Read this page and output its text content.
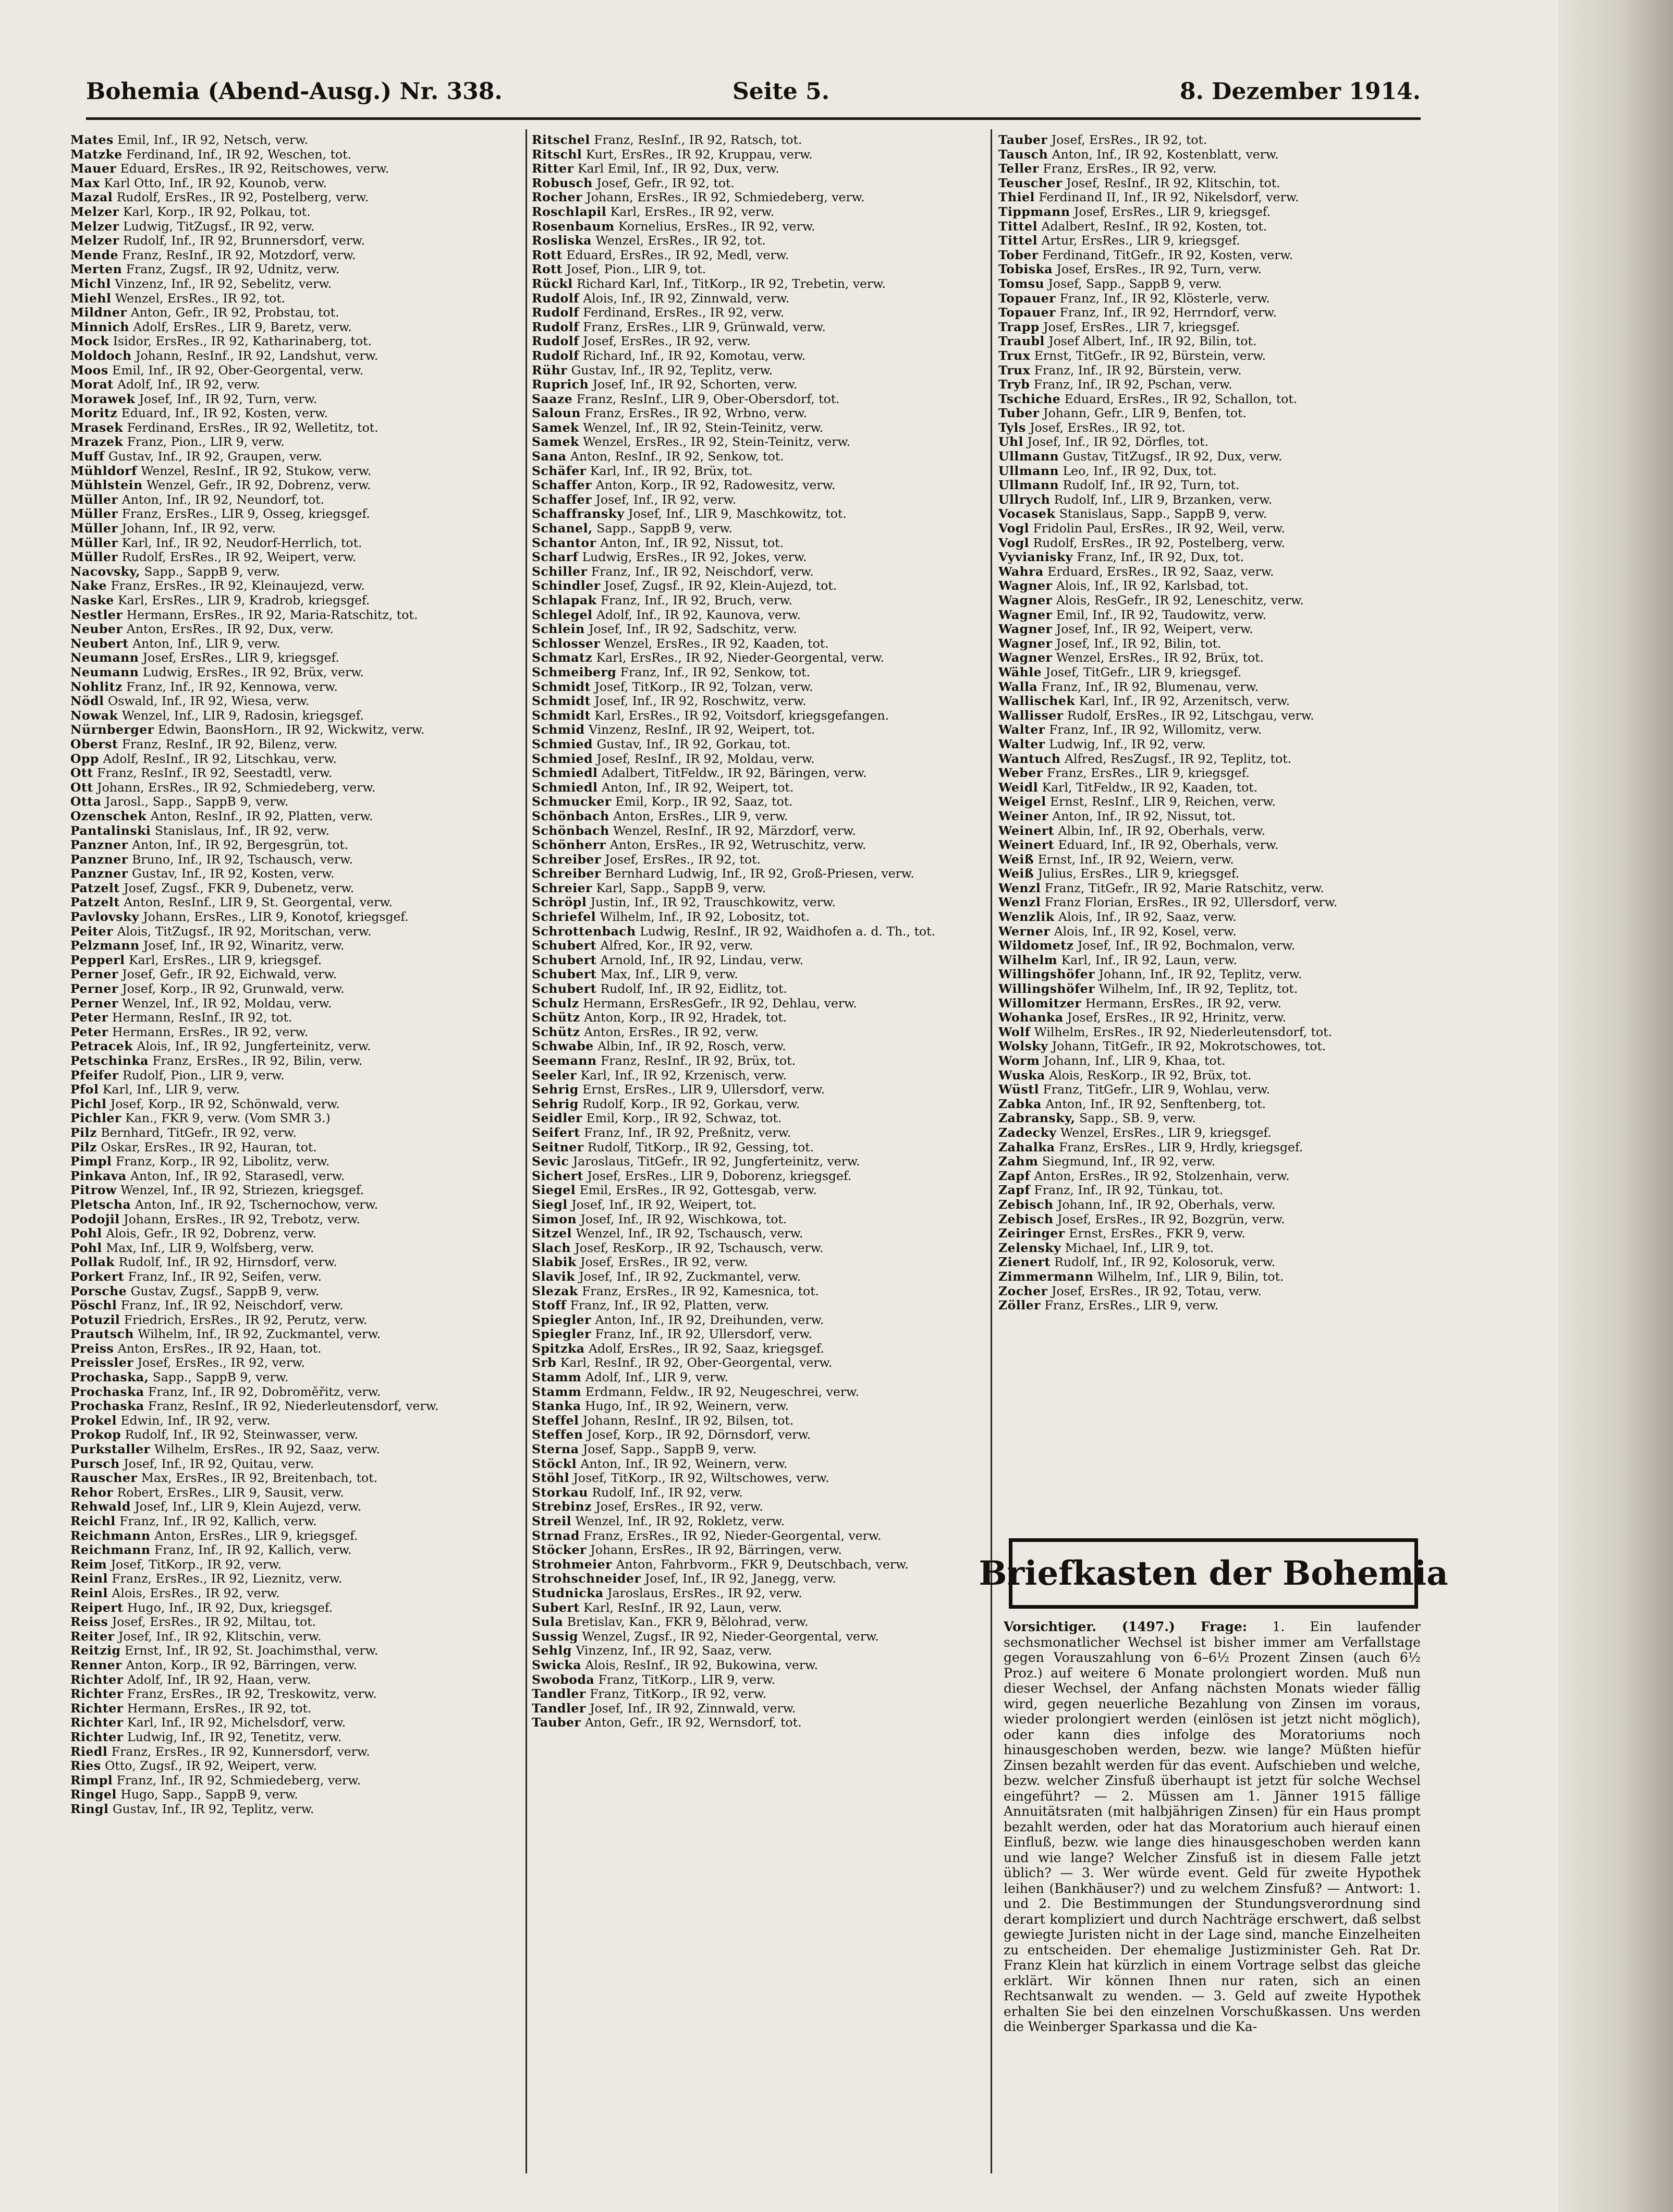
Bohemia (Abend-Ausg.) Nr. 338.	Seite 5.	8. Dezember 1914.

Mates Emil, Inf., IR 92, Netsch, verw.

Matzke Ferdinand, Inf., IR 92, Weschen, tot.

Mauer Eduard, ErsRes., IR 92, Reitschowes, verw.

Max Karl Otto, Inf., IR 92, Kounob, verw.

Mazal Rudolf, ErsRes., IR 92, Postelberg, verw.

Melzer Karl, Korp., IR 92, Polkau, tot.

Melzer Ludwig, TitZugsf., IR 92, verw.

Melzer Rudolf, Inf., IR 92, Brunnersdorf, verw.

Mende Franz, ResInf., IR 92, Motzdorf, verw.

Merten Franz, Zugsf., IR 92, Udnitz, verw.

Michl Vinzenz, Inf., IR 92, Sebelitz, verw.

Miehl Wenzel, ErsRes., IR 92, tot.

Mildner Anton, Gefr., IR 92, Probstau, tot.

Minnich Adolf, ErsRes., LIR 9, Baretz, verw.

Mock Isidor, ErsRes., IR 92, Katharinaberg, tot.

Moldoch Johann, ResInf., IR 92, Landshut, verw.

Moos Emil, Inf., IR 92, Ober-Georgental, verw.

Morat Adolf, Inf., IR 92, verw.

Morawek Josef, Inf., IR 92, Turn, verw.

Moritz Eduard, Inf., IR 92, Kosten, verw.

Mrasek Ferdinand, ErsRes., IR 92, Welletitz, tot.

Mrazek Franz, Pion., LIR 9, verw.

Muff Gustav, Inf., IR 92, Graupen, verw.

Mühldorf Wenzel, ResInf., IR 92, Stukow, verw.

Mühlstein Wenzel, Gefr., IR 92, Dobrenz, verw.

Müller Anton, Inf., IR 92, Neundorf, tot.

Müller Franz, ErsRes., LIR 9, Osseg, kriegsgef.

Müller Johann, Inf., IR 92, verw.

Müller Karl, Inf., IR 92, Neudorf-Herrlich, tot.

Müller Rudolf, ErsRes., IR 92, Weipert, verw.

Nacovsky, Sapp., SappB 9, verw.

Nake Franz, ErsRes., IR 92, Kleinaujezd, verw.

Naske Karl, ErsRes., LIR 9, Kradrob, kriegsgef.

Nestler Hermann, ErsRes., IR 92, Maria-Ratschitz, tot.

Neuber Anton, ErsRes., IR 92, Dux, verw.

Neubert Anton, Inf., LIR 9, verw.

Neumann Josef, ErsRes., LIR 9, kriegsgef.

Neumann Ludwig, ErsRes., IR 92, Brüx, verw.

Nohlitz Franz, Inf., IR 92, Kennowa, verw.

Nödl Oswald, Inf., IR 92, Wiesa, verw.

Nowak Wenzel, Inf., LIR 9, Radosin, kriegsgef.

Nürnberger Edwin, BaonsHorn., IR 92, Wickwitz, verw.

Oberst Franz, ResInf., IR 92, Bilenz, verw.

Opp Adolf, ResInf., IR 92, Litschkau, verw.

Ott Franz, ResInf., IR 92, Seestadtl, verw.

Ott Johann, ErsRes., IR 92, Schmiedeberg, verw.

Otta Jarosl., Sapp., SappB 9, verw.

Ozenschek Anton, ResInf., IR 92, Platten, verw.

Pantalinski Stanislaus, Inf., IR 92, verw.

Panzner Anton, Inf., IR 92, Bergesgrün, tot.

Panzner Bruno, Inf., IR 92, Tschausch, verw.

Panzner Gustav, Inf., IR 92, Kosten, verw.

Patzelt Josef, Zugsf., FKR 9, Dubenetz, verw.

Patzelt Anton, ResInf., LIR 9, St. Georgental, verw.

Pavlovsky Johann, ErsRes., LIR 9, Konotof, kriegsgef.

Peiter Alois, TitZugsf., IR 92, Moritschan, verw.

Pelzmann Josef, Inf., IR 92, Winaritz, verw.

Pepperl Karl, ErsRes., LIR 9, kriegsgef.

Perner Josef, Gefr., IR 92, Eichwald, verw.

Perner Josef, Korp., IR 92, Grunwald, verw.

Perner Wenzel, Inf., IR 92, Moldau, verw.

Peter Hermann, ResInf., IR 92, tot.

Peter Hermann, ErsRes., IR 92, verw.

Petracek Alois, Inf., IR 92, Jungferteinitz, verw.

Petschinka Franz, ErsRes., IR 92, Bilin, verw.

Pfeifer Rudolf, Pion., LIR 9, verw.

Pfol Karl, Inf., LIR 9, verw.

Pichl Josef, Korp., IR 92, Schönwald, verw.

Pichler Kan., FKR 9, verw. (Vom SMR 3.)

Pilz Bernhard, TitGefr., IR 92, verw.

Pilz Oskar, ErsRes., IR 92, Hauran, tot.

Pimpl Franz, Korp., IR 92, Libolitz, verw.

Pinkava Anton, Inf., IR 92, Starasedl, verw.

Pitrow Wenzel, Inf., IR 92, Striezen, kriegsgef.

Pletscha Anton, Inf., IR 92, Tschernochow, verw.

Podojil Johann, ErsRes., IR 92, Trebotz, verw.

Pohl Alois, Gefr., IR 92, Dobrenz, verw.

Pohl Max, Inf., LIR 9, Wolfsberg, verw.

Pollak Rudolf, Inf., IR 92, Hirnsdorf, verw.

Porkert Franz, Inf., IR 92, Seifen, verw.

Porsche Gustav, Zugsf., SappB 9, verw.

Pöschl Franz, Inf., IR 92, Neischdorf, verw.

Potuzil Friedrich, ErsRes., IR 92, Perutz, verw.

Prautsch Wilhelm, Inf., IR 92, Zuckmantel, verw.

Preiss Anton, ErsRes., IR 92, Haan, tot.

Preissler Josef, ErsRes., IR 92, verw.

Prochaska, Sapp., SappB 9, verw.

Prochaska Franz, Inf., IR 92, Dobroměřitz, verw.

Prochaska Franz, ResInf., IR 92, Niederleutensdorf, verw.

Prokel Edwin, Inf., IR 92, verw.

Prokop Rudolf, Inf., IR 92, Steinwasser, verw.

Purkstaller Wilhelm, ErsRes., IR 92, Saaz, verw.

Pursch Josef, Inf., IR 92, Quitau, verw.

Rauscher Max, ErsRes., IR 92, Breitenbach, tot.

Rehor Robert, ErsRes., LIR 9, Sausit, verw.

Rehwald Josef, Inf., LIR 9, Klein Aujezd, verw.

Reichl Franz, Inf., IR 92, Kallich, verw.

Reichmann Anton, ErsRes., LIR 9, kriegsgef.

Reichmann Franz, Inf., IR 92, Kallich, verw.

Reim Josef, TitKorp., IR 92, verw.

Reinl Franz, ErsRes., IR 92, Lieznitz, verw.

Reinl Alois, ErsRes., IR 92, verw.

Reipert Hugo, Inf., IR 92, Dux, kriegsgef.

Reiss Josef, ErsRes., IR 92, Miltau, tot.

Reiter Josef, Inf., IR 92, Klitschin, verw.

Reitzig Ernst, Inf., IR 92, St. Joachimsthal, verw.

Renner Anton, Korp., IR 92, Bärringen, verw.

Richter Adolf, Inf., IR 92, Haan, verw.

Richter Franz, ErsRes., IR 92, Treskowitz, verw.

Richter Hermann, ErsRes., IR 92, tot.

Richter Karl, Inf., IR 92, Michelsdorf, verw.

Richter Ludwig, Inf., IR 92, Tenetitz, verw.

Riedl Franz, ErsRes., IR 92, Kunnersdorf, verw.

Ries Otto, Zugsf., IR 92, Weipert, verw.

Rimpl Franz, Inf., IR 92, Schmiedeberg, verw.

Ringel Hugo, Sapp., SappB 9, verw.

Ringl Gustav, Inf., IR 92, Teplitz, verw.

Ritschel Franz, ResInf., IR 92, Ratsch, tot.

Ritschl Kurt, ErsRes., IR 92, Kruppau, verw.

Ritter Karl Emil, Inf., IR 92, Dux, verw.

Robusch Josef, Gefr., IR 92, tot.

Rocher Johann, ErsRes., IR 92, Schmiedeberg, verw.

Roschlapil Karl, ErsRes., IR 92, verw.

Rosenbaum Kornelius, ErsRes., IR 92, verw.

Rosliska Wenzel, ErsRes., IR 92, tot.

Rott Eduard, ErsRes., IR 92, Medl, verw.

Rott Josef, Pion., LIR 9, tot.

Rückl Richard Karl, Inf., TitKorp., IR 92, Trebetin, verw.

Rudolf Alois, Inf., IR 92, Zinnwald, verw.

Rudolf Ferdinand, ErsRes., IR 92, verw.

Rudolf Franz, ErsRes., LIR 9, Grünwald, verw.

Rudolf Josef, ErsRes., IR 92, verw.

Rudolf Richard, Inf., IR 92, Komotau, verw.

Rühr Gustav, Inf., IR 92, Teplitz, verw.

Ruprich Josef, Inf., IR 92, Schorten, verw.

Saaze Franz, ResInf., LIR 9, Ober-Obersdorf, tot.

Saloun Franz, ErsRes., IR 92, Wrbno, verw.

Samek Wenzel, Inf., IR 92, Stein-Teinitz, verw.

Samek Wenzel, ErsRes., IR 92, Stein-Teinitz, verw.

Sana Anton, ResInf., IR 92, Senkow, tot.

Schäfer Karl, Inf., IR 92, Brüx, tot.

Schaffer Anton, Korp., IR 92, Radowesitz, verw.

Schaffer Josef, Inf., IR 92, verw.

Schaffransky Josef, Inf., LIR 9, Maschkowitz, tot.

Schanel, Sapp., SappB 9, verw.

Schantor Anton, Inf., IR 92, Nissut, tot.

Scharf Ludwig, ErsRes., IR 92, Jokes, verw.

Schiller Franz, Inf., IR 92, Neischdorf, verw.

Schindler Josef, Zugsf., IR 92, Klein-Aujezd, tot.

Schlapak Franz, Inf., IR 92, Bruch, verw.

Schlegel Adolf, Inf., IR 92, Kaunova, verw.

Schlein Josef, Inf., IR 92, Sadschitz, verw.

Schlosser Wenzel, ErsRes., IR 92, Kaaden, tot.

Schmatz Karl, ErsRes., IR 92, Nieder-Georgental, verw.

Schmeiberg Franz, Inf., IR 92, Senkow, tot.

Schmidt Josef, TitKorp., IR 92, Tolzan, verw.

Schmidt Josef, Inf., IR 92, Roschwitz, verw.

Schmidt Karl, ErsRes., IR 92, Voitsdorf, kriegsgefangen.

Schmid Vinzenz, ResInf., IR 92, Weipert, tot.

Schmied Gustav, Inf., IR 92, Gorkau, tot.

Schmied Josef, ResInf., IR 92, Moldau, verw.

Schmiedl Adalbert, TitFeldw., IR 92, Bäringen, verw.

Schmiedl Anton, Inf., IR 92, Weipert, tot.

Schmucker Emil, Korp., IR 92, Saaz, tot.

Schönbach Anton, ErsRes., LIR 9, verw.

Schönbach Wenzel, ResInf., IR 92, Märzdorf, verw.

Schönherr Anton, ErsRes., IR 92, Wetruschitz, verw.

Schreiber Josef, ErsRes., IR 92, tot.

Schreiber Bernhard Ludwig, Inf., IR 92, Groß-Priesen, verw.

Schreier Karl, Sapp., SappB 9, verw.

Schröpl Justin, Inf., IR 92, Trauschkowitz, verw.

Schriefel Wilhelm, Inf., IR 92, Lobositz, tot.

Schrottenbach Ludwig, ResInf., IR 92, Waidhofen a. d. Th., tot.

Schubert Alfred, Kor., IR 92, verw.

Schubert Arnold, Inf., IR 92, Lindau, verw.

Schubert Max, Inf., LIR 9, verw.

Schubert Rudolf, Inf., IR 92, Eidlitz, tot.

Schulz Hermann, ErsResGefr., IR 92, Dehlau, verw.

Schütz Anton, Korp., IR 92, Hradek, tot.

Schütz Anton, ErsRes., IR 92, verw.

Schwabe Albin, Inf., IR 92, Rosch, verw.

Seemann Franz, ResInf., IR 92, Brüx, tot.

Seeler Karl, Inf., IR 92, Krzenisch, verw.

Sehrig Ernst, ErsRes., LIR 9, Ullersdorf, verw.

Sehrig Rudolf, Korp., IR 92, Gorkau, verw.

Seidler Emil, Korp., IR 92, Schwaz, tot.

Seifert Franz, Inf., IR 92, Preßnitz, verw.

Seitner Rudolf, TitKorp., IR 92, Gessing, tot.

Sevic Jaroslaus, TitGefr., IR 92, Jungferteinitz, verw.

Sichert Josef, ErsRes., LIR 9, Doborenz, kriegsgef.

Siegel Emil, ErsRes., IR 92, Gottesgab, verw.

Siegl Josef, Inf., IR 92, Weipert, tot.

Simon Josef, Inf., IR 92, Wischkowa, tot.

Sitzel Wenzel, Inf., IR 92, Tschausch, verw.

Slach Josef, ResKorp., IR 92, Tschausch, verw.

Slabik Josef, ErsRes., IR 92, verw.

Slavik Josef, Inf., IR 92, Zuckmantel, verw.

Slezak Franz, ErsRes., IR 92, Kamesnica, tot.

Stoff Franz, Inf., IR 92, Platten, verw.

Spiegler Anton, Inf., IR 92, Dreihunden, verw.

Spiegler Franz, Inf., IR 92, Ullersdorf, verw.

Spitzka Adolf, ErsRes., IR 92, Saaz, kriegsgef.

Srb Karl, ResInf., IR 92, Ober-Georgental, verw.

Stamm Adolf, Inf., LIR 9, verw.

Stamm Erdmann, Feldw., IR 92, Neugeschrei, verw.

Stanka Hugo, Inf., IR 92, Weinern, verw.

Steffel Johann, ResInf., IR 92, Bilsen, tot.

Steffen Josef, Korp., IR 92, Dörnsdorf, verw.

Sterna Josef, Sapp., SappB 9, verw.

Stöckl Anton, Inf., IR 92, Weinern, verw.

Stöhl Josef, TitKorp., IR 92, Wiltschowes, verw.

Storkau Rudolf, Inf., IR 92, verw.

Strebinz Josef, ErsRes., IR 92, verw.

Streil Wenzel, Inf., IR 92, Rokletz, verw.

Strnad Franz, ErsRes., IR 92, Nieder-Georgental, verw.

Stöcker Johann, ErsRes., IR 92, Bärringen, verw.

Strohmeier Anton, Fahrbvorm., FKR 9, Deutschbach, verw.

Strohschneider Josef, Inf., IR 92, Janegg, verw.

Studnicka Jaroslaus, ErsRes., IR 92, verw.

Subert Karl, ResInf., IR 92, Laun, verw.

Sula Bretislav, Kan., FKR 9, Bělohrad, verw.

Sussig Wenzel, Zugsf., IR 92, Nieder-Georgental, verw.

Sehlg Vinzenz, Inf., IR 92, Saaz, verw.

Swicka Alois, ResInf., IR 92, Bukowina, verw.

Swoboda Franz, TitKorp., LIR 9, verw.

Tandler Franz, TitKorp., IR 92, verw.

Tandler Josef, Inf., IR 92, Zinnwald, verw.

Tauber Anton, Gefr., IR 92, Wernsdorf, tot.

Tauber Josef, ErsRes., IR 92, tot.

Tausch Anton, Inf., IR 92, Kostenblatt, verw.

Teller Franz, ErsRes., IR 92, verw.

Teuscher Josef, ResInf., IR 92, Klitschin, tot.

Thiel Ferdinand II, Inf., IR 92, Nikelsdorf, verw.

Tippmann Josef, ErsRes., LIR 9, kriegsgef.

Tittel Adalbert, ResInf., IR 92, Kosten, tot.

Tittel Artur, ErsRes., LIR 9, kriegsgef.

Tober Ferdinand, TitGefr., IR 92, Kosten, verw.

Tobiska Josef, ErsRes., IR 92, Turn, verw.

Tomsu Josef, Sapp., SappB 9, verw.

Topauer Franz, Inf., IR 92, Klösterle, verw.

Topauer Franz, Inf., IR 92, Herrndorf, verw.

Trapp Josef, ErsRes., LIR 7, kriegsgef.

Traubl Josef Albert, Inf., IR 92, Bilin, tot.

Trux Ernst, TitGefr., IR 92, Bürstein, verw.

Trux Franz, Inf., IR 92, Bürstein, verw.

Tryb Franz, Inf., IR 92, Pschan, verw.

Tschiche Eduard, ErsRes., IR 92, Schallon, tot.

Tuber Johann, Gefr., LIR 9, Benfen, tot.

Tyls Josef, ErsRes., IR 92, tot.

Uhl Josef, Inf., IR 92, Dörfles, tot.

Ullmann Gustav, TitZugsf., IR 92, Dux, verw.

Ullmann Leo, Inf., IR 92, Dux, tot.

Ullmann Rudolf, Inf., IR 92, Turn, tot.

Ullrych Rudolf, Inf., LIR 9, Brzanken, verw.

Vocasek Stanislaus, Sapp., SappB 9, verw.

Vogl Fridolin Paul, ErsRes., IR 92, Weil, verw.

Vogl Rudolf, ErsRes., IR 92, Postelberg, verw.

Vyvianisky Franz, Inf., IR 92, Dux, tot.

Wahra Erduard, ErsRes., IR 92, Saaz, verw.

Wagner Alois, Inf., IR 92, Karlsbad, tot.

Wagner Alois, ResGefr., IR 92, Leneschitz, verw.

Wagner Emil, Inf., IR 92, Taudowitz, verw.

Wagner Josef, Inf., IR 92, Weipert, verw.

Wagner Josef, Inf., IR 92, Bilin, tot.

Wagner Wenzel, ErsRes., IR 92, Brüx, tot.

Wähle Josef, TitGefr., LIR 9, kriegsgef.

Walla Franz, Inf., IR 92, Blumenau, verw.

Wallischek Karl, Inf., IR 92, Arzenitsch, verw.

Wallisser Rudolf, ErsRes., IR 92, Litschgau, verw.

Walter Franz, Inf., IR 92, Willomitz, verw.

Walter Ludwig, Inf., IR 92, verw.

Wantuch Alfred, ResZugsf., IR 92, Teplitz, tot.

Weber Franz, ErsRes., LIR 9, kriegsgef.

Weidl Karl, TitFeldw., IR 92, Kaaden, tot.

Weigel Ernst, ResInf., LIR 9, Reichen, verw.

Weiner Anton, Inf., IR 92, Nissut, tot.

Weinert Albin, Inf., IR 92, Oberhals, verw.

Weinert Eduard, Inf., IR 92, Oberhals, verw.

Weiß Ernst, Inf., IR 92, Weiern, verw.

Weiß Julius, ErsRes., LIR 9, kriegsgef.

Wenzl Franz, TitGefr., IR 92, Marie Ratschitz, verw.

Wenzl Franz Florian, ErsRes., IR 92, Ullersdorf, verw.

Wenzlik Alois, Inf., IR 92, Saaz, verw.

Werner Alois, Inf., IR 92, Kosel, verw.

Wildometz Josef, Inf., IR 92, Bochmalon, verw.

Wilhelm Karl, Inf., IR 92, Laun, verw.

Willingshöfer Johann, Inf., IR 92, Teplitz, verw.

Willingshöfer Wilhelm, Inf., IR 92, Teplitz, tot.

Willomitzer Hermann, ErsRes., IR 92, verw.

Wohanka Josef, ErsRes., IR 92, Hrinitz, verw.

Wolf Wilhelm, ErsRes., IR 92, Niederleutensdorf, tot.

Wolsky Johann, TitGefr., IR 92, Mokrotschowes, tot.

Worm Johann, Inf., LIR 9, Khaa, tot.

Wuska Alois, ResKorp., IR 92, Brüx, tot.

Wüstl Franz, TitGefr., LIR 9, Wohlau, verw.

Zabka Anton, Inf., IR 92, Senftenberg, tot.

Zabransky, Sapp., SB. 9, verw.

Zadecky Wenzel, ErsRes., LIR 9, kriegsgef.

Zahalka Franz, ErsRes., LIR 9, Hrdly, kriegsgef.

Zahm Siegmund, Inf., IR 92, verw.

Zapf Anton, ErsRes., IR 92, Stolzenhain, verw.

Zapf Franz, Inf., IR 92, Tünkau, tot.

Zebisch Johann, Inf., IR 92, Oberhals, verw.

Zebisch Josef, ErsRes., IR 92, Bozgrün, verw.

Zeiringer Ernst, ErsRes., FKR 9, verw.

Zelensky Michael, Inf., LIR 9, tot.

Zienert Rudolf, Inf., IR 92, Kolosoruk, verw.

Zimmermann Wilhelm, Inf., LIR 9, Bilin, tot.

Zocher Josef, ErsRes., IR 92, Totau, verw.

Zöller Franz, ErsRes., LIR 9, verw.

Briefkasten der Bohemia
Vorsichtiger. (1497.) Frage: 1. Ein laufender sechsmonatlicher Wechsel ist bisher immer am Verfallstage gegen Vorauszahlung von 6–6½ Prozent Zinsen (auch 6½ Proz.) auf weitere 6 Monate prolongiert worden. Muß nun dieser Wechsel, der Anfang nächsten Monats wieder fällig wird, gegen neuerliche Bezahlung von Zinsen im voraus, wieder prolongiert werden (einlösen ist jetzt nicht möglich), oder kann dies infolge des Moratoriums noch hinausgeschoben werden, bezw. wie lange? Müßten hiefür Zinsen bezahlt werden für das event. Aufschieben und welche, bezw. welcher Zinsfuß überhaupt ist jetzt für solche Wechsel eingeführt? — 2. Müssen am 1. Jänner 1915 fällige Annuitätsraten (mit halbjährigen Zinsen) für ein Haus prompt bezahlt werden, oder hat das Moratorium auch hierauf einen Einfluß, bezw. wie lange dies hinausgeschoben werden kann und wie lange? Welcher Zinsfuß ist in diesem Falle jetzt üblich? — 3. Wer würde event. Geld für zweite Hypothek leihen (Bankhäuser?) und zu welchem Zinsfuß? — Antwort: 1. und 2. Die Bestimmungen der Stundungsverordnung sind derart kompliziert und durch Nachträge erschwert, daß selbst gewiegte Juristen nicht in der Lage sind, manche Einzelheiten zu entscheiden. Der ehemalige Justizminister Geh. Rat Dr. Franz Klein hat kürzlich in einem Vortrage selbst das gleiche erklärt. Wir können Ihnen nur raten, sich an einen Rechtsanwalt zu wenden. — 3. Geld auf zweite Hypothek erhalten Sie bei den einzelnen Vorschußkassen. Uns werden die Weinberger Sparkassa und die Ka-
